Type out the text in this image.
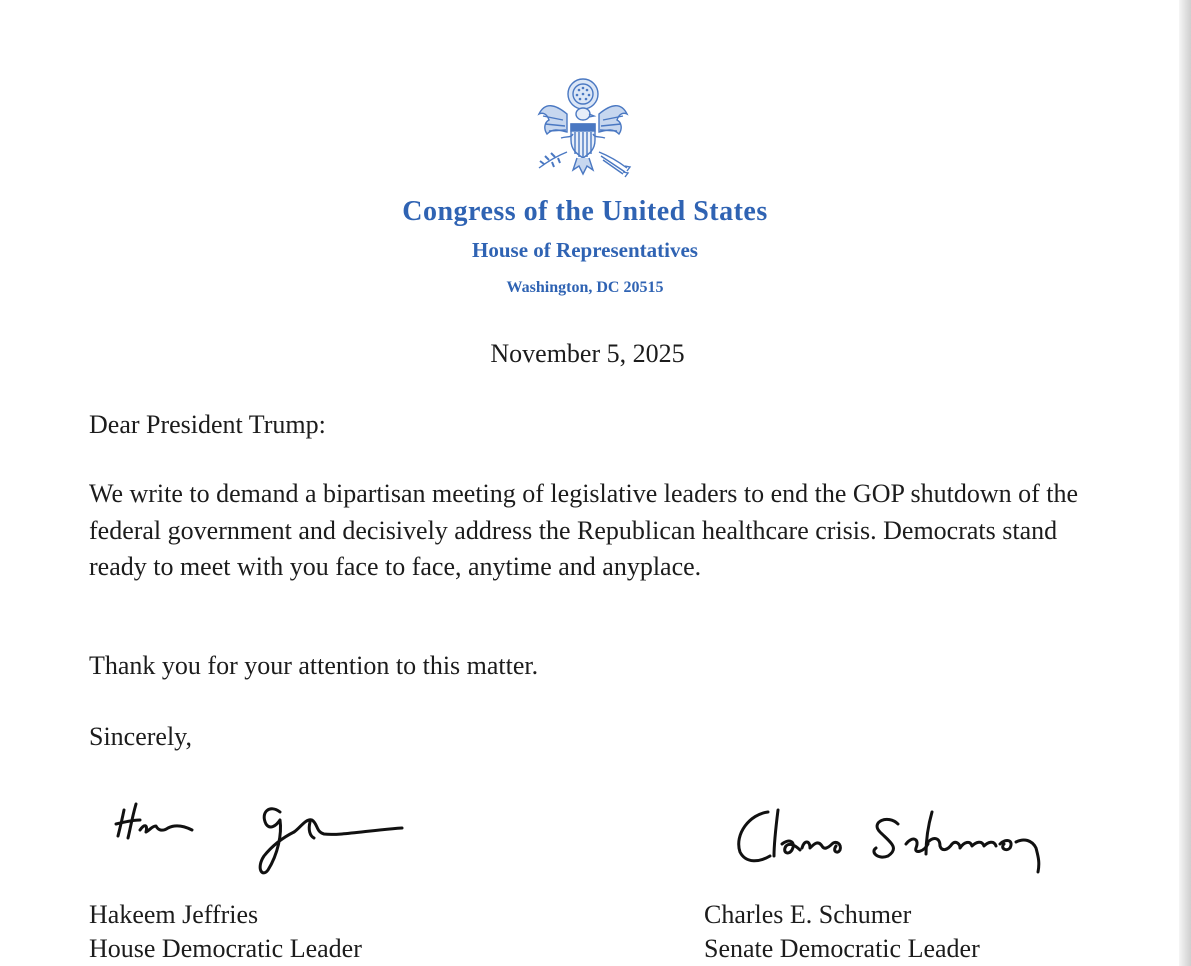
Congress of the United States
House of Representatives
Washington, DC 20515
November 5, 2025

Dear President Trump:

We write to demand a bipartisan meeting of legislative leaders to end the GOP shutdown of the federal government and decisively address the Republican healthcare crisis. Democrats stand ready to meet with you face to face, anytime and anyplace.

Thank you for your attention to this matter.

Sincerely,

Hakeem Jeffries
House Democratic Leader
Charles E. Schumer
Senate Democratic Leader
